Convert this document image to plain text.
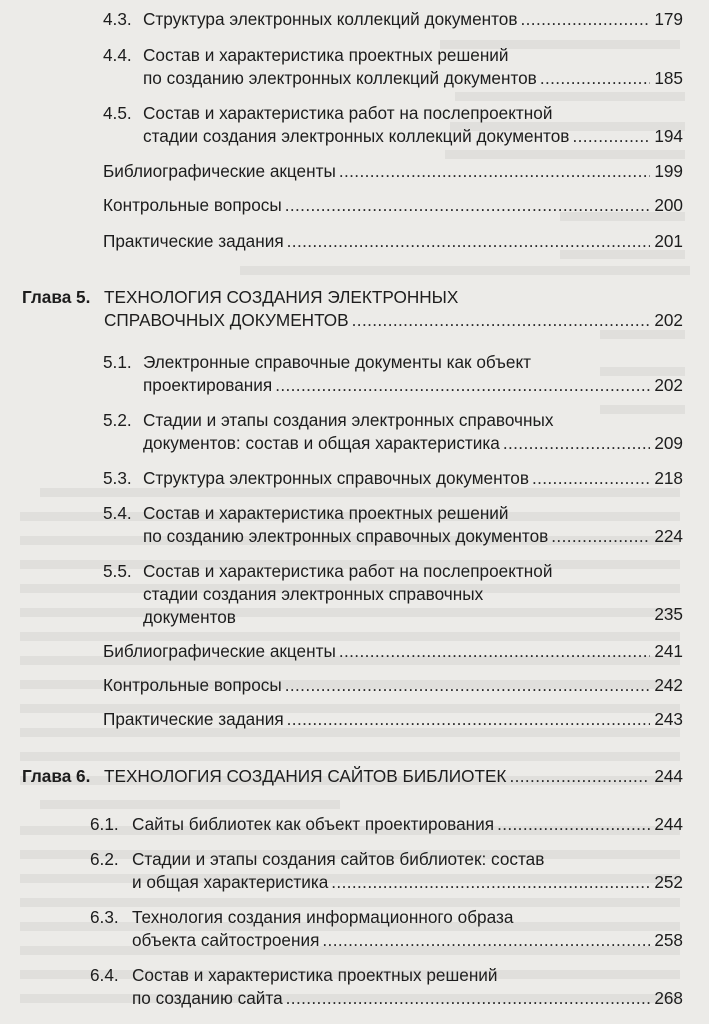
4.3. Структура электронных коллекций документов . . .	179
4.4. Состав и характеристика проектных решений
по созданию электронных коллекций документов . . .	185
4.5. Состав и характеристика работ на послепроектной
стадии создания электронных коллекций документов . . .	194
Библиографические акценты . . .	199
Контрольные вопросы . . .	200
Практические задания . . .	201
Глава 5. ТЕХНОЛОГИЯ СОЗДАНИЯ ЭЛЕКТРОННЫХ
СПРАВОЧНЫХ ДОКУМЕНТОВ . . .	202
5.1. Электронные справочные документы как объект
проектирования . . .	202
5.2. Стадии и этапы создания электронных справочных
документов: состав и общая характеристика . . .	209
5.3. Структура электронных справочных документов . . .	218
5.4. Состав и характеристика проектных решений
по созданию электронных справочных документов . . .	224
5.5. Состав и характеристика работ на послепроектной
стадии создания электронных справочных
документов	235
Библиографические акценты . . .	241
Контрольные вопросы . . .	242
Практические задания . . .	243
Глава 6. ТЕХНОЛОГИЯ СОЗДАНИЯ САЙТОВ БИБЛИОТЕК . . .	244
6.1. Сайты библиотек как объект проектирования . . .	244
6.2. Стадии и этапы создания сайтов библиотек: состав
и общая характеристика . . .	252
6.3. Технология создания информационного образа
объекта сайтостроения . . .	258
6.4. Состав и характеристика проектных решений
по созданию сайта . . .	268
